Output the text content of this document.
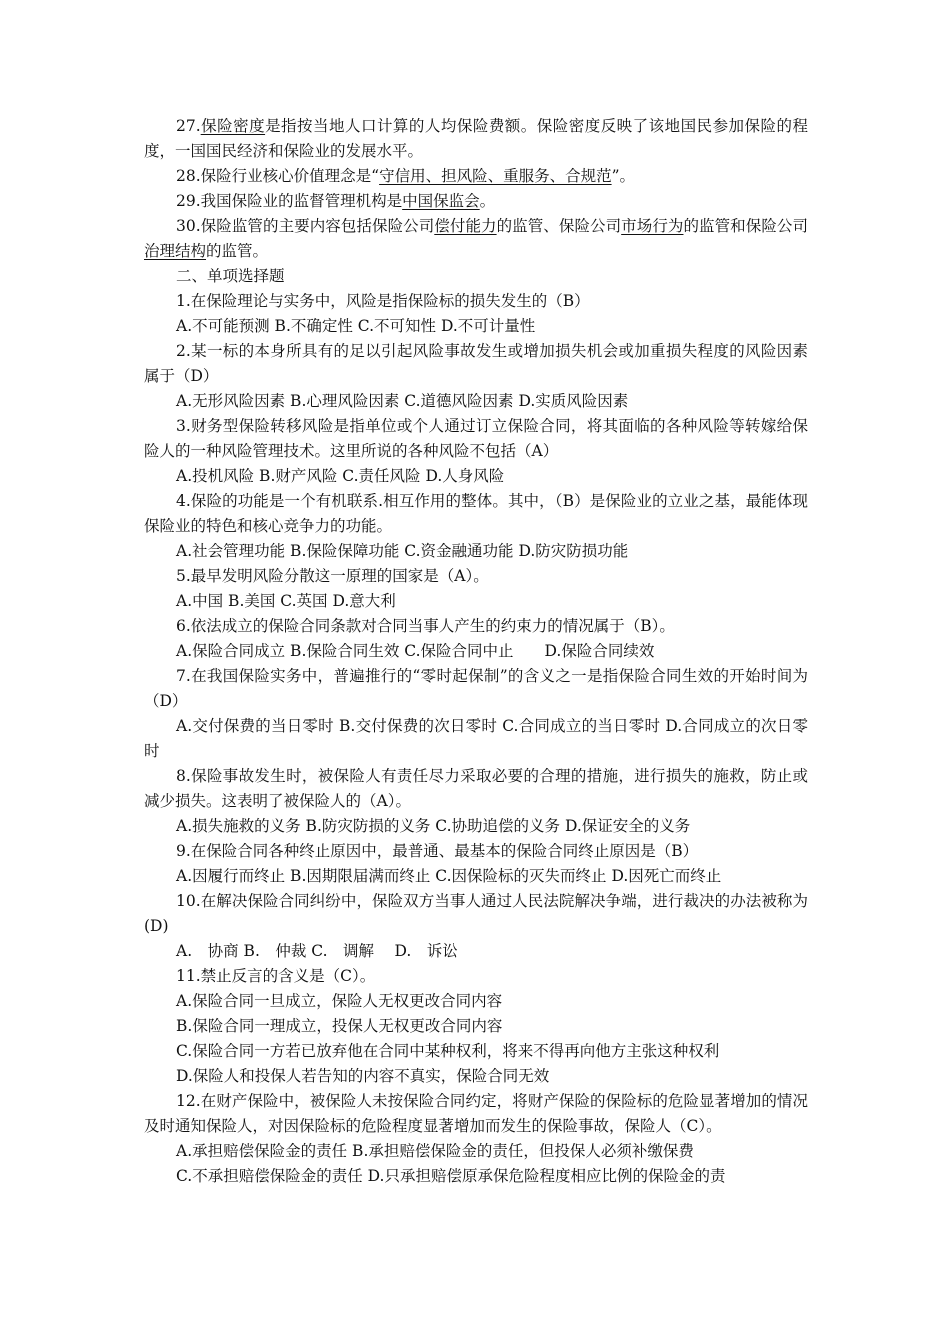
27.保险密度是指按当地人口计算的人均保险费额。保险密度反映了该地国民参加保险的程度，一国国民经济和保险业的发展水平。

28.保险行业核心价值理念是“守信用、担风险、重服务、合规范”。

29.我国保险业的监督管理机构是中国保监会。

30.保险监管的主要内容包括保险公司偿付能力的监管、保险公司市场行为的监管和保险公司治理结构的监管。

二、单项选择题

1.在保险理论与实务中，风险是指保险标的损失发生的（B）

A.不可能预测 B.不确定性 C.不可知性 D.不可计量性

2.某一标的本身所具有的足以引起风险事故发生或增加损失机会或加重损失程度的风险因素属于（D）

A.无形风险因素 B.心理风险因素 C.道德风险因素 D.实质风险因素

3.财务型保险转移风险是指单位或个人通过订立保险合同，将其面临的各种风险等转嫁给保险人的一种风险管理技术。这里所说的各种风险不包括（A）

A.投机风险 B.财产风险 C.责任风险 D.人身风险

4.保险的功能是一个有机联系.相互作用的整体。其中，（B）是保险业的立业之基，最能体现保险业的特色和核心竞争力的功能。

A.社会管理功能 B.保险保障功能 C.资金融通功能 D.防灾防损功能

5.最早发明风险分散这一原理的国家是（A）。

A.中国 B.美国 C.英国 D.意大利

6.依法成立的保险合同条款对合同当事人产生的约束力的情况属于（B）。

A.保险合同成立 B.保险合同生效 C.保险合同中止　　D.保险合同续效

7.在我国保险实务中，普遍推行的“零时起保制”的含义之一是指保险合同生效的开始时间为（D）

A.交付保费的当日零时 B.交付保费的次日零时 C.合同成立的当日零时 D.合同成立的次日零时

8.保险事故发生时，被保险人有责任尽力采取必要的合理的措施，进行损失的施救，防止或减少损失。这表明了被保险人的（A）。

A.损失施救的义务 B.防灾防损的义务 C.协助追偿的义务 D.保证安全的义务

9.在保险合同各种终止原因中，最普通、最基本的保险合同终止原因是（B）

A.因履行而终止 B.因期限届满而终止 C.因保险标的灭失而终止 D.因死亡而终止

10.在解决保险合同纠纷中，保险双方当事人通过人民法院解决争端，进行裁决的办法被称为(D)

A.　协商 B.　仲裁 C.　调解　 D.　诉讼

11.禁止反言的含义是（C）。

A.保险合同一旦成立，保险人无权更改合同内容

B.保险合同一理成立，投保人无权更改合同内容

C.保险合同一方若已放弃他在合同中某种权利，将来不得再向他方主张这种权利

D.保险人和投保人若告知的内容不真实，保险合同无效

12.在财产保险中，被保险人未按保险合同约定，将财产保险的保险标的危险显著增加的情况及时通知保险人，对因保险标的危险程度显著增加而发生的保险事故，保险人（C）。

A.承担赔偿保险金的责任 B.承担赔偿保险金的责任，但投保人必须补缴保费

C.不承担赔偿保险金的责任 D.只承担赔偿原承保危险程度相应比例的保险金的责
